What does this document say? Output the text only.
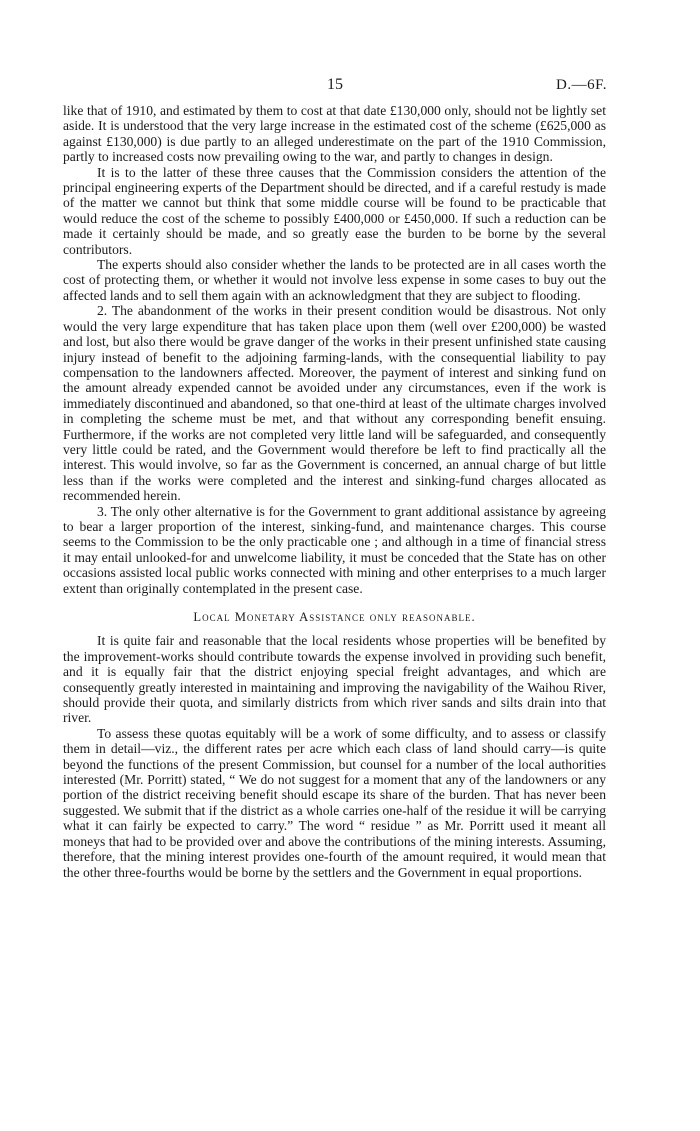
15	D.—6F.

like that of 1910, and estimated by them to cost at that date £130,000 only, should not be lightly set aside. It is understood that the very large increase in the estimated cost of the scheme (£625,000 as against £130,000) is due partly to an alleged underestimate on the part of the 1910 Commission, partly to increased costs now prevailing owing to the war, and partly to changes in design.

It is to the latter of these three causes that the Commission considers the attention of the principal engineering experts of the Department should be directed, and if a careful restudy is made of the matter we cannot but think that some middle course will be found to be practicable that would reduce the cost of the scheme to possibly £400,000 or £450,000. If such a reduction can be made it certainly should be made, and so greatly ease the burden to be borne by the several contributors.

The experts should also consider whether the lands to be protected are in all cases worth the cost of protecting them, or whether it would not involve less expense in some cases to buy out the affected lands and to sell them again with an acknowledgment that they are subject to flooding.

2. The abandonment of the works in their present condition would be disastrous. Not only would the very large expenditure that has taken place upon them (well over £200,000) be wasted and lost, but also there would be grave danger of the works in their present unfinished state causing injury instead of benefit to the adjoining farming-lands, with the consequential liability to pay compensation to the landowners affected. Moreover, the payment of interest and sinking fund on the amount already expended cannot be avoided under any circumstances, even if the work is immediately discontinued and abandoned, so that one-third at least of the ultimate charges involved in completing the scheme must be met, and that without any corresponding benefit ensuing. Furthermore, if the works are not completed very little land will be safeguarded, and consequently very little could be rated, and the Government would therefore be left to find practically all the interest. This would involve, so far as the Government is concerned, an annual charge of but little less than if the works were completed and the interest and sinking-fund charges allocated as recommended herein.

3. The only other alternative is for the Government to grant additional assistance by agreeing to bear a larger proportion of the interest, sinking-fund, and maintenance charges. This course seems to the Commission to be the only practicable one ; and although in a time of financial stress it may entail unlooked-for and unwelcome liability, it must be conceded that the State has on other occasions assisted local public works connected with mining and other enterprises to a much larger extent than originally contemplated in the present case.

Local Monetary Assistance only reasonable.

It is quite fair and reasonable that the local residents whose properties will be benefited by the improvement-works should contribute towards the expense involved in providing such benefit, and it is equally fair that the district enjoying special freight advantages, and which are consequently greatly interested in maintaining and improving the navigability of the Waihou River, should provide their quota, and similarly districts from which river sands and silts drain into that river.

To assess these quotas equitably will be a work of some difficulty, and to assess or classify them in detail—viz., the different rates per acre which each class of land should carry—is quite beyond the functions of the present Commission, but counsel for a number of the local authorities interested (Mr. Porritt) stated, “ We do not suggest for a moment that any of the landowners or any portion of the district receiving benefit should escape its share of the burden. That has never been suggested. We submit that if the district as a whole carries one-half of the residue it will be carrying what it can fairly be expected to carry.” The word “ residue ” as Mr. Porritt used it meant all moneys that had to be provided over and above the contributions of the mining interests. Assuming, therefore, that the mining interest provides one-fourth of the amount required, it would mean that the other three-fourths would be borne by the settlers and the Government in equal proportions.
